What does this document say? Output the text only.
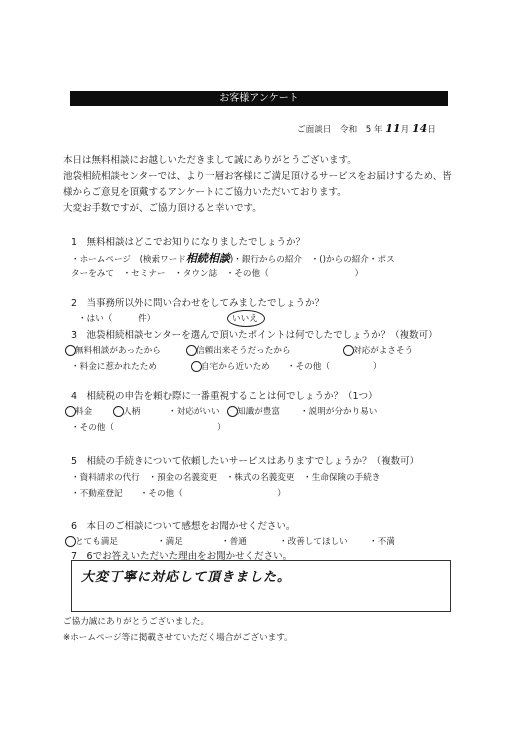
お客様アンケート
ご面談日　令和　5 年 11月 14日
本日は無料相談にお越しいただきまして誠にありがとうございます。
池袋相続相談センターでは、より一層お客様にご満足頂けるサービスをお届けするため、皆
様からご意見を頂戴するアンケートにご協力いただいております。
大変お手数ですが、ご協力頂けると幸いです。
1　無料相談はどこでお知りになりましたでしょうか？
・ホームページ　(検索ワード相続相談)・銀行からの紹介　 ・()からの紹介・ポス
ターをみて　・セミナー　・タウン誌　・その他（　　　　　　　　　　）
2　当事務所以外に問い合わせをしてみましたでしょうか？
・はい（　　　件）	いいえ
3　池袋相続相談センターを選んで頂いたポイントは何でしたでしょうか？（複数可）
無料相談があったから	信頼出来そうだったから	対応がよさそう
・料金に惹かれたため	自宅から近いため ・その他（　　　　　）
4　相続税の申告を頼む際に一番重視することは何でしょうか？（1つ）
料金	人柄	・対応がいい 知識が豊富 ・説明が分かり易い
・その他（　　　　　　　　　　　　）
5　相続の手続きについて依頼したいサービスはありますでしょうか？（複数可）
・資料請求の代行　・預金の名義変更　・株式の名義変更　・生命保険の手続き
・不動産登記　　・その他（　　　　　　　　　　　）
6　本日のご相談について感想をお聞かせください。
とても満足	・満足	・普通	・改善してほしい ・不満
7　6でお答えいただいた理由をお聞かせください。
大変丁寧に対応して頂きました。
ご協力誠にありがとうございました。
※ホームページ等に掲載させていただく場合がございます。
